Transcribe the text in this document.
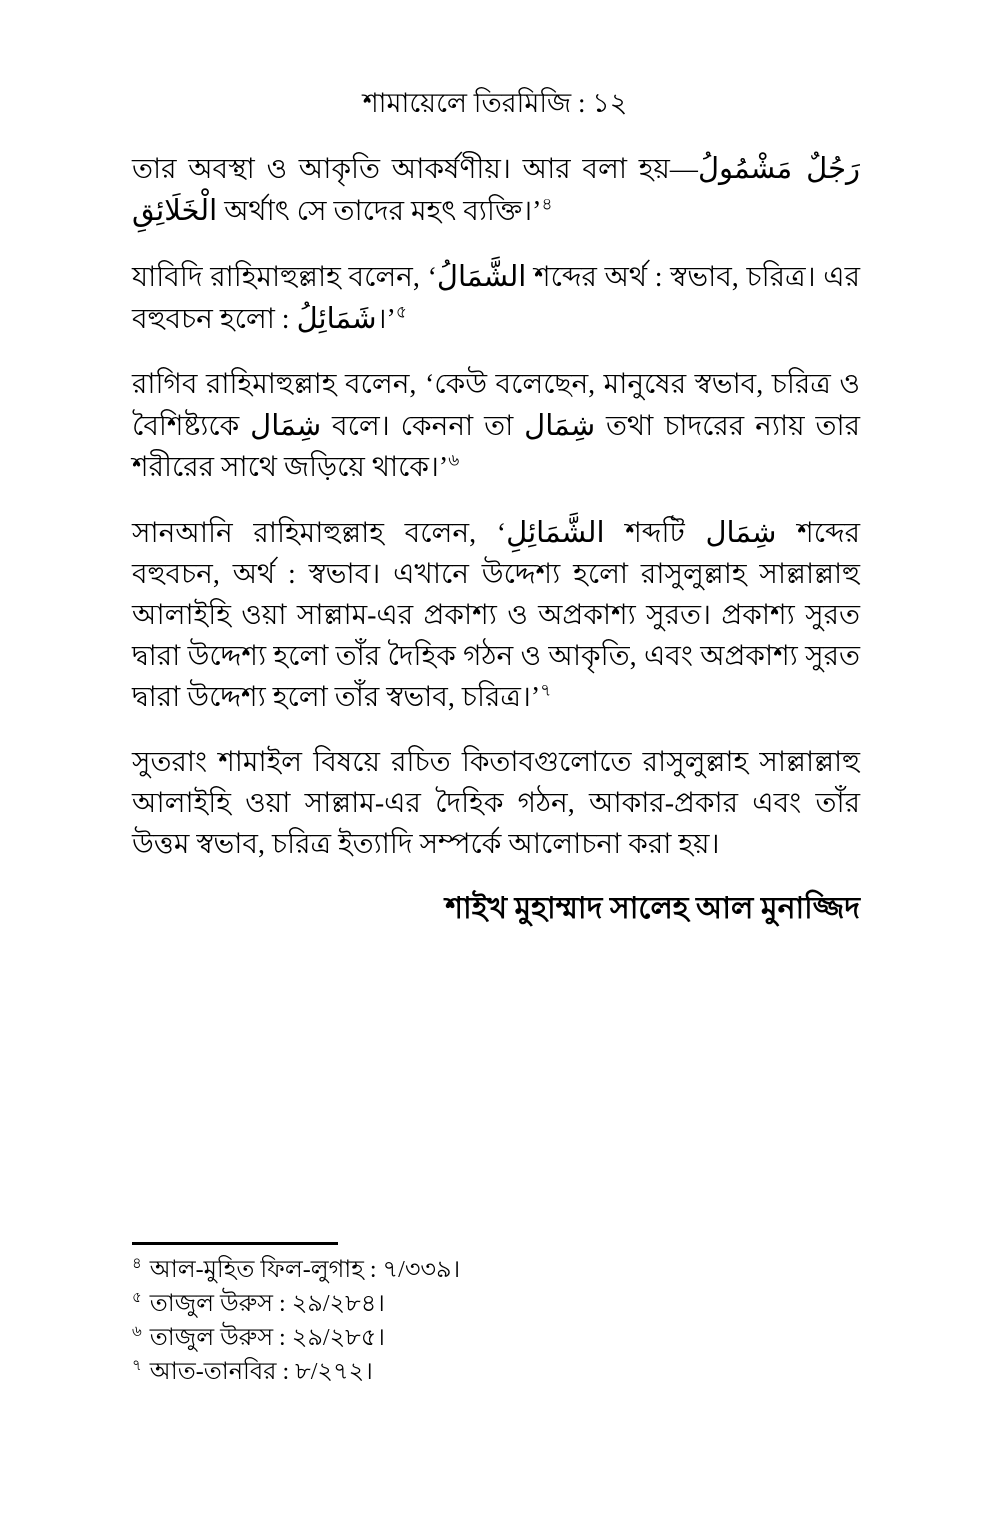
শামায়েলে তিরমিজি : ১২

তার অবস্থা ও আকৃতি আকর্ষণীয়। আর বলা হয়—رَجُلٌ مَشْمُولُ الْخَلَائِقِ অর্থাৎ সে তাদের মহৎ ব্যক্তি।’$^৪$

যাবিদি রাহিমাহুল্লাহ বলেন, ‘الشَّمَالُ শব্দের অর্থ : স্বভাব, চরিত্র। এর বহুবচন হলো : شَمَائِلُ।’$^৫$

রাগিব রাহিমাহুল্লাহ বলেন, ‘কেউ বলেছেন, মানুষের স্বভাব, চরিত্র ও বৈশিষ্ট্যকে شِمَال বলে। কেননা তা شِمَال তথা চাদরের ন্যায় তার শরীরের সাথে জড়িয়ে থাকে।’$^৬$

সানআনি রাহিমাহুল্লাহ বলেন, ‘الشَّمَائِلِ শব্দটি شِمَال শব্দের বহুবচন, অর্থ : স্বভাব। এখানে উদ্দেশ্য হলো রাসুলুল্লাহ সাল্লাল্লাহু আলাইহি ওয়া সাল্লাম-এর প্রকাশ্য ও অপ্রকাশ্য সুরত। প্রকাশ্য সুরত দ্বারা উদ্দেশ্য হলো তাঁর দৈহিক গঠন ও আকৃতি, এবং অপ্রকাশ্য সুরত দ্বারা উদ্দেশ্য হলো তাঁর স্বভাব, চরিত্র।’$^৭$

সুতরাং শামাইল বিষয়ে রচিত কিতাবগুলোতে রাসুলুল্লাহ সাল্লাল্লাহু আলাইহি ওয়া সাল্লাম-এর দৈহিক গঠন, আকার-প্রকার এবং তাঁর উত্তম স্বভাব, চরিত্র ইত্যাদি সম্পর্কে আলোচনা করা হয়।

শাইখ মুহাম্মাদ সালেহ আল মুনাজ্জিদ

$^৪$ আল-মুহিত ফিল-লুগাহ : ৭/৩৩৯।
$^৫$ তাজুল উরুস : ২৯/২৮৪।
$^৬$ তাজুল উরুস : ২৯/২৮৫।
$^৭$ আত-তানবির : ৮/২৭২।
